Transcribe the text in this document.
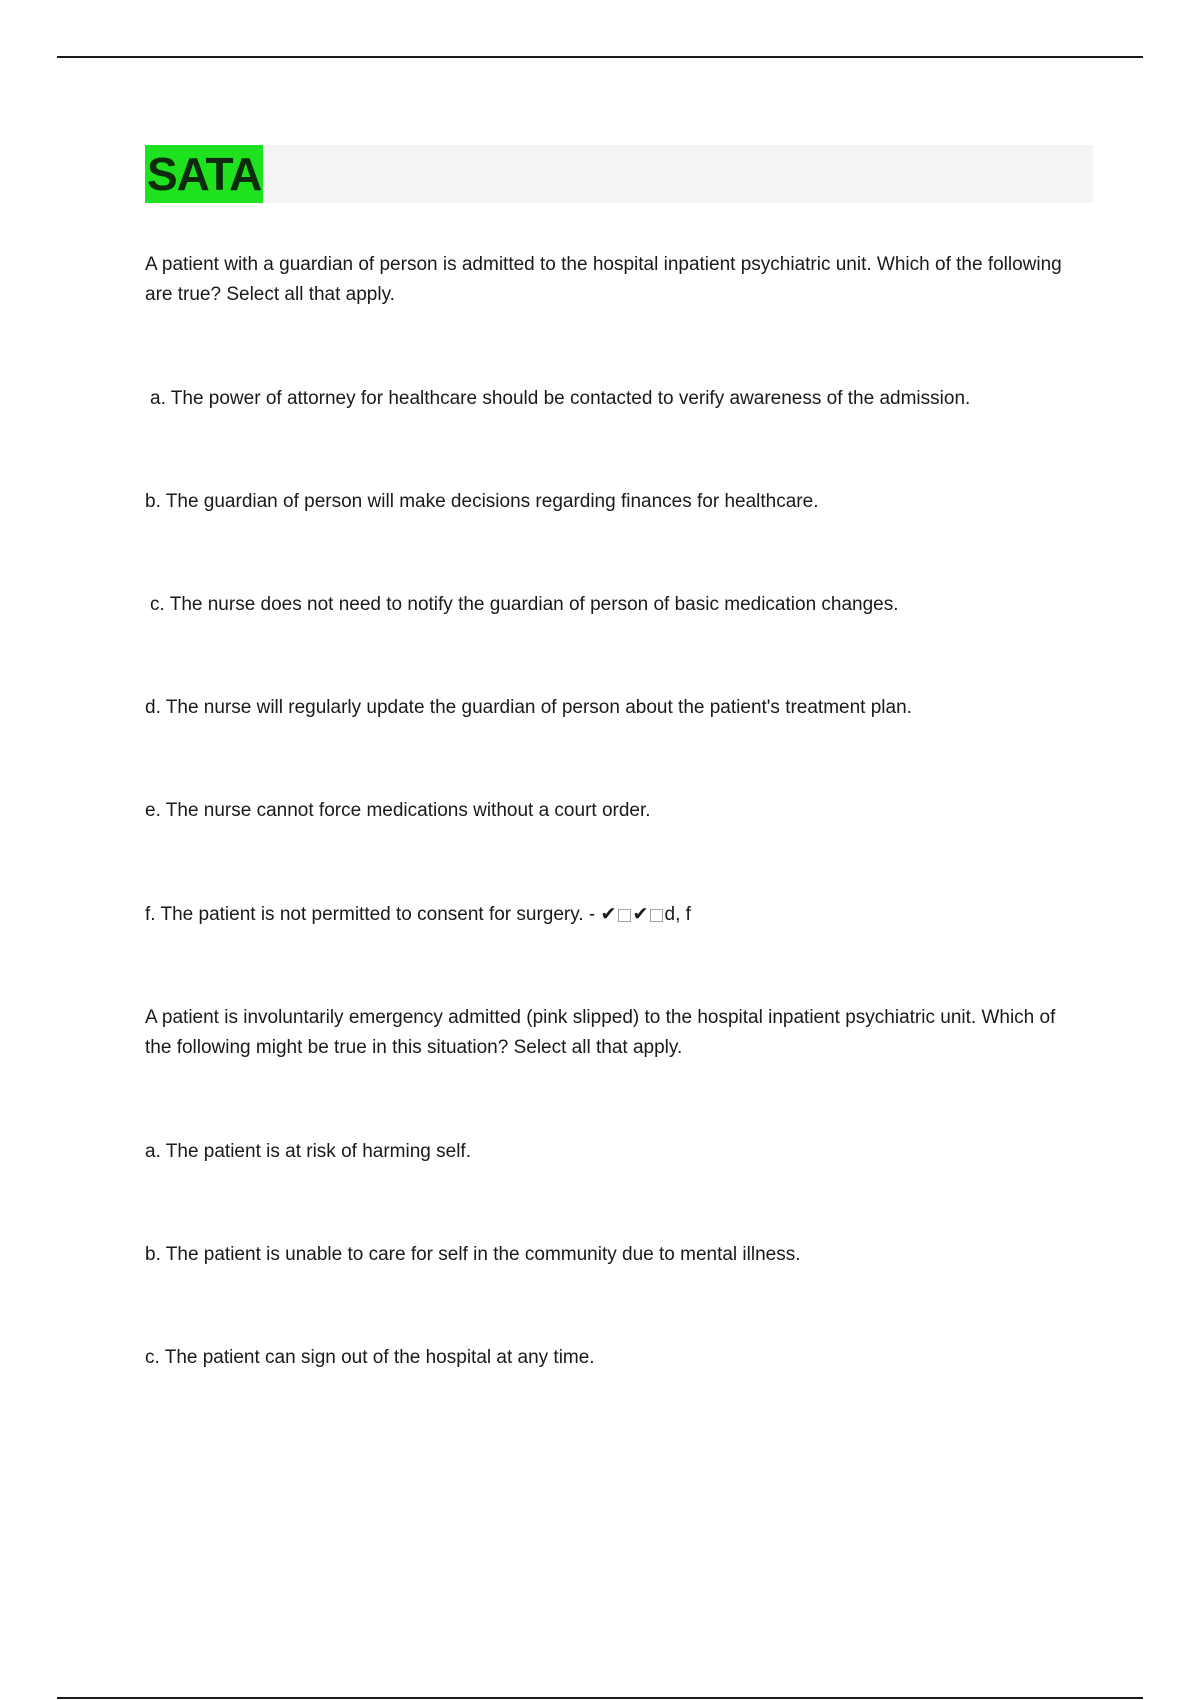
SATA
A patient with a guardian of person is admitted to the hospital inpatient psychiatric unit. Which of the following are true? Select all that apply.
a. The power of attorney for healthcare should be contacted to verify awareness of the admission.
b. The guardian of person will make decisions regarding finances for healthcare.
c. The nurse does not need to notify the guardian of person of basic medication changes.
d. The nurse will regularly update the guardian of person about the patient's treatment plan.
e. The nurse cannot force medications without a court order.
f. The patient is not permitted to consent for surgery. - ✔□✔□d, f
A patient is involuntarily emergency admitted (pink slipped) to the hospital inpatient psychiatric unit. Which of the following might be true in this situation? Select all that apply.
a. The patient is at risk of harming self.
b. The patient is unable to care for self in the community due to mental illness.
c. The patient can sign out of the hospital at any time.
